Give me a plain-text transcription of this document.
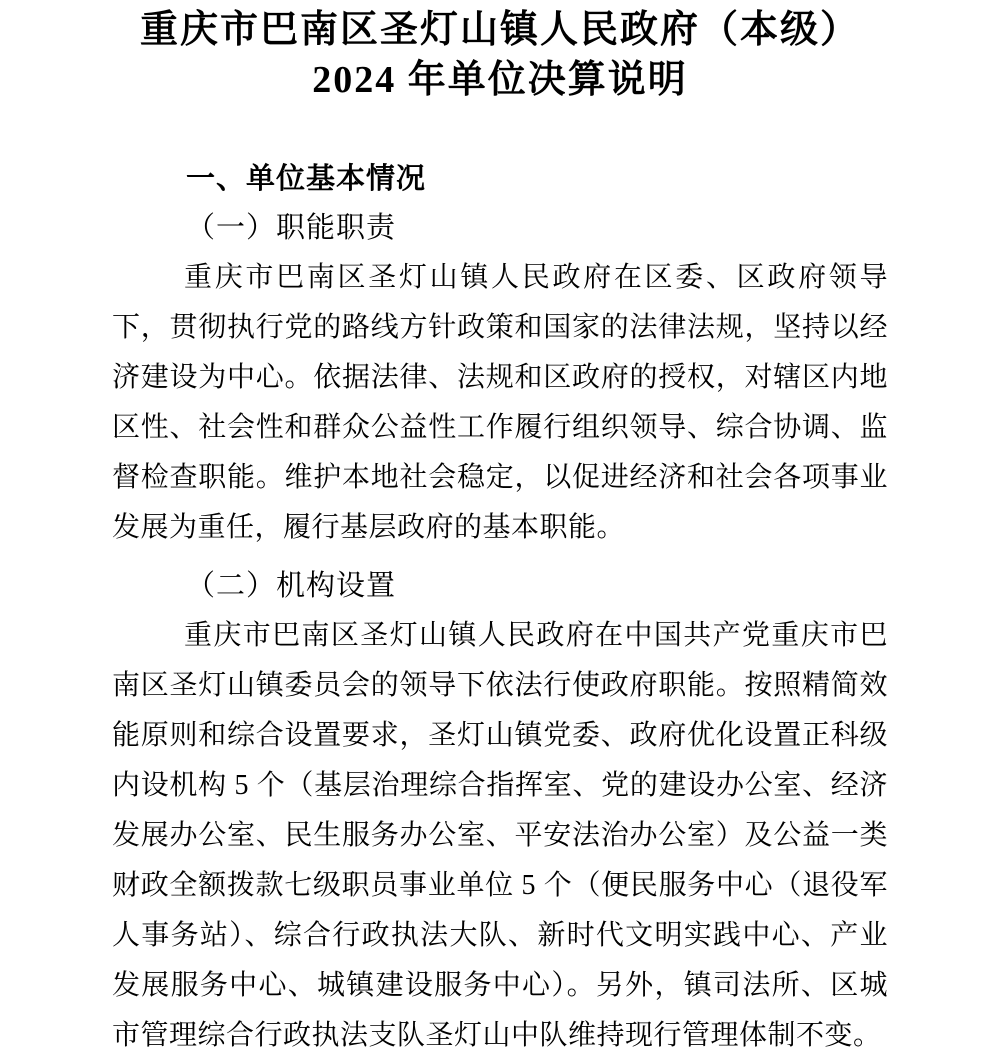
重庆市巴南区圣灯山镇人民政府（本级）
2024 年单位决算说明
一、单位基本情况
（一）职能职责

重庆市巴南区圣灯山镇人民政府在区委、区政府领导下，贯彻执行党的路线方针政策和国家的法律法规，坚持以经济建设为中心。依据法律、法规和区政府的授权，对辖区内地区性、社会性和群众公益性工作履行组织领导、综合协调、监督检查职能。维护本地社会稳定，以促进经济和社会各项事业发展为重任，履行基层政府的基本职能。

（二）机构设置

重庆市巴南区圣灯山镇人民政府在中国共产党重庆市巴南区圣灯山镇委员会的领导下依法行使政府职能。按照精简效能原则和综合设置要求，圣灯山镇党委、政府优化设置正科级内设机构 5 个（基层治理综合指挥室、党的建设办公室、经济发展办公室、民生服务办公室、平安法治办公室）及公益一类财政全额拨款七级职员事业单位 5 个（便民服务中心（退役军人事务站）、综合行政执法大队、新时代文明实践中心、产业发展服务中心、城镇建设服务中心）。另外，镇司法所、区城市管理综合行政执法支队圣灯山中队维持现行管理体制不变。
